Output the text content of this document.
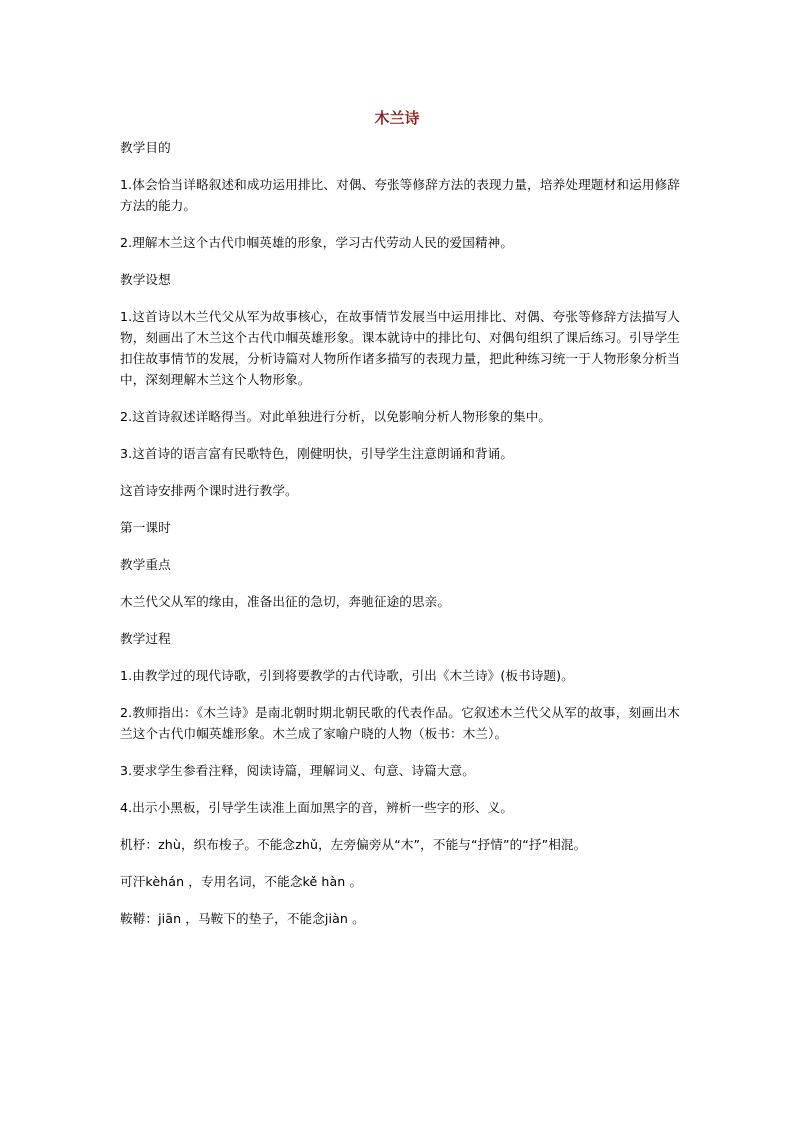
木兰诗

教学目的

1.体会恰当详略叙述和成功运用排比、对偶、夸张等修辞方法的表现力量，培养处理题材和运用修辞方法的能力。

2.理解木兰这个古代巾帼英雄的形象，学习古代劳动人民的爱国精神。

教学设想

1.这首诗以木兰代父从军为故事核心，在故事情节发展当中运用排比、对偶、夸张等修辞方法描写人物，刻画出了木兰这个古代巾帼英雄形象。课本就诗中的排比句、对偶句组织了课后练习。引导学生扣住故事情节的发展，分析诗篇对人物所作诸多描写的表现力量，把此种练习统一于人物形象分析当中，深刻理解木兰这个人物形象。

2.这首诗叙述详略得当。对此单独进行分析，以免影响分析人物形象的集中。

3.这首诗的语言富有民歌特色，刚健明快，引导学生注意朗诵和背诵。

这首诗安排两个课时进行教学。

第一课时

教学重点

木兰代父从军的缘由，准备出征的急切，奔驰征途的思亲。

教学过程

1.由教学过的现代诗歌，引到将要教学的古代诗歌，引出《木兰诗》(板书诗题)。

2.教师指出：《木兰诗》是南北朝时期北朝民歌的代表作品。它叙述木兰代父从军的故事，刻画出木兰这个古代巾帼英雄形象。木兰成了家喻户晓的人物（板书：木兰）。

3.要求学生参看注释，阅读诗篇，理解词义、句意、诗篇大意。

4.出示小黑板，引导学生读准上面加黑字的音，辨析一些字的形、义。

机杼：zhù，织布梭子。不能念zhǔ，左旁偏旁从“木”，不能与“抒情”的“抒”相混。

可汗kèhán ，专用名词，不能念kě hàn 。

鞍鞯：jiān ，马鞍下的垫子，不能念jiàn 。
